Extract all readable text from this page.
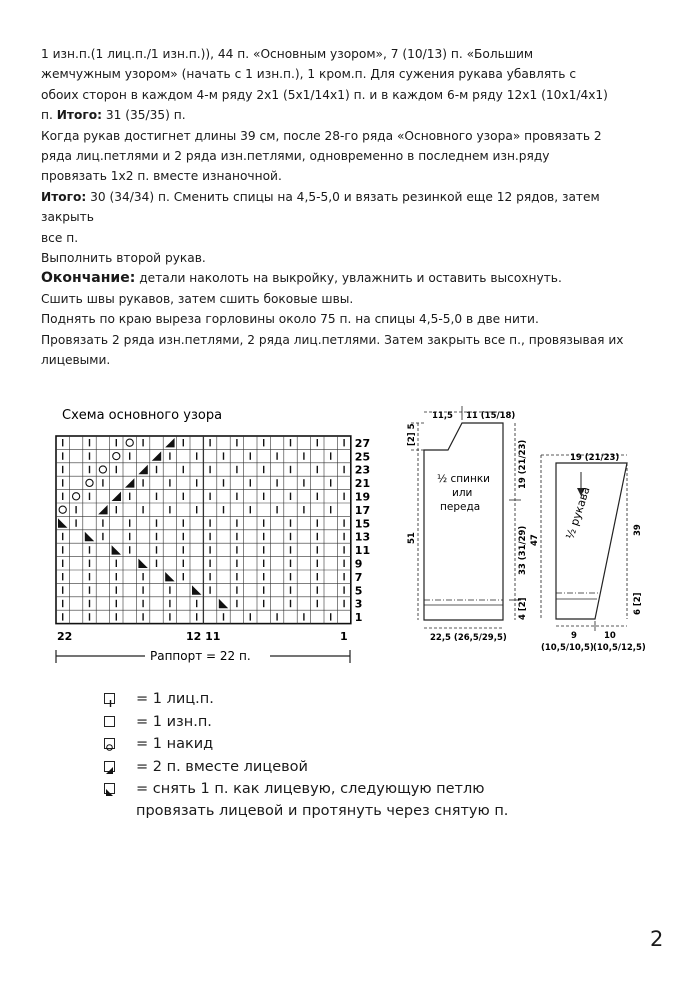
1 изн.п.(1 лиц.п./1 изн.п.)), 44 п. «Основным узором», 7 (10/13) п. «Большим

жемчужным узором» (начать с 1 изн.п.), 1 кром.п. Для сужения рукава убавлять с

обоих сторон в каждом 4-м ряду 2х1 (5х1/14х1) п. и в каждом 6-м ряду 12х1 (10х1/4х1)

п. Итого: 31 (35/35) п.

Когда рукав достигнет длины 39 см, после 28-го ряда «Основного узора» провязать 2

ряда лиц.петлями и 2 ряда изн.петлями, одновременно в последнем изн.ряду

провязать 1х2 п. вместе изнаночной.

Итого: 30 (34/34) п. Сменить спицы на 4,5-5,0 и вязать резинкой еще 12 рядов, затем

закрыть

все п.

Выполнить второй рукав.

Окончание: детали наколоть на выкройку, увлажнить и оставить высохнуть.

Сшить швы рукавов, затем сшить боковые швы.

Поднять по краю выреза горловины около 75 п. на спицы 4,5-5,0 в две нити.

Провязать 2 ряда изн.петлями, 2 ряда лиц.петлями. Затем закрыть все п., провязывая их

лицевыми.

Схема основного узора
27
25
23
21
19
17
15
13
11
9
7
5
3
1
22	12 11	1
Раппорт = 22 п.
11,5 11 (15/18)
[2] 5
51
19 (21/23)
33 (31/29)
4 [2]
22,5 (26,5/29,5)
½ спинки
или
переда
19 (21/23)
47 ½ рукава	39
6 [2]
9	10
(10,5/10,5) (10,5/12,5)
= 1 лиц.п.
= 1 изн.п.
= 1 накид
= 2 п. вместе лицевой
= снять 1 п. как лицевую, следующую петлю
провязать лицевой и протянуть через снятую п.
2
